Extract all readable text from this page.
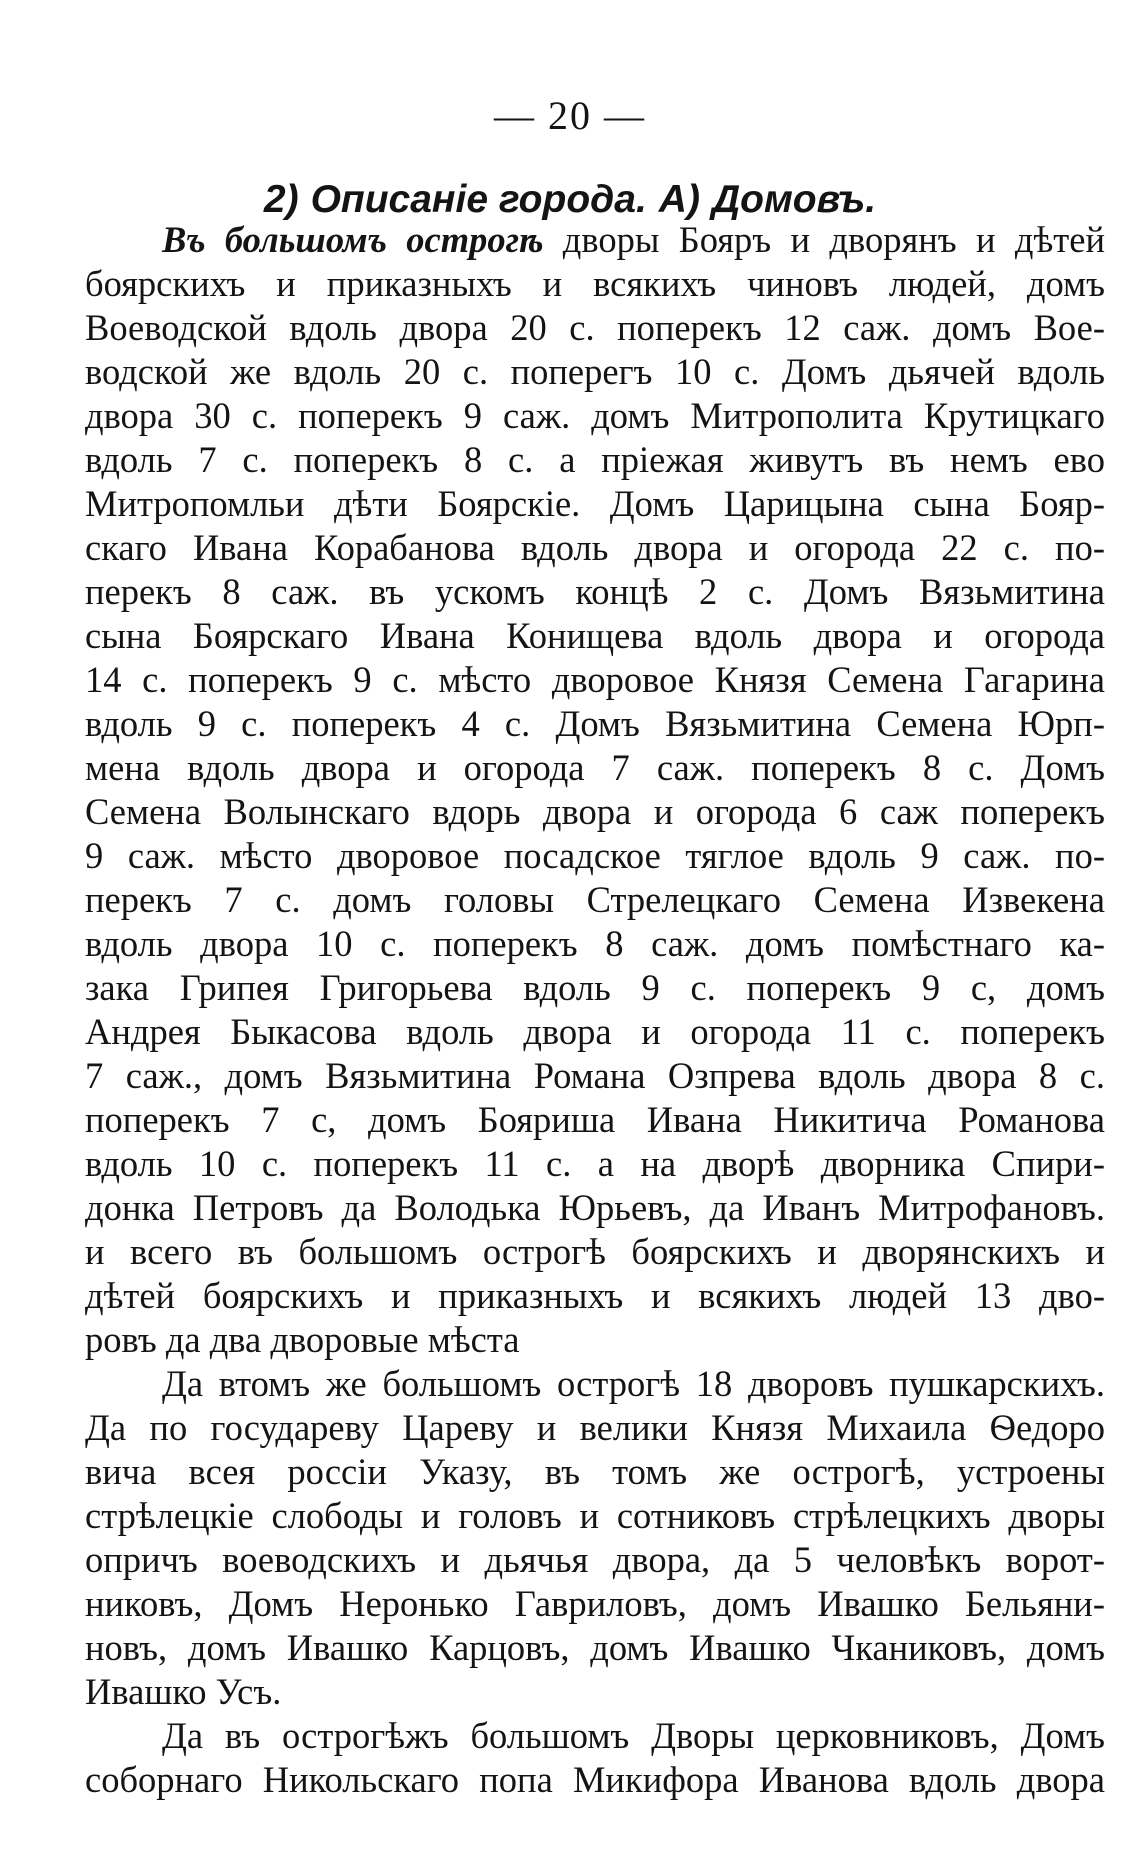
— 20 —
2) Описаніе города. А) Домовъ.
Въ большомъ острогѣ дворы Бояръ и дворянъ и дѣтей
боярскихъ и приказныхъ и всякихъ чиновъ людей, домъ
Воеводской вдоль двора 20 с. поперекъ 12 саж. домъ Вое-
водской же вдоль 20 с. поперегъ 10 с. Домъ дьячей вдоль
двора 30 с. поперекъ 9 саж. домъ Митрополита Крутицкаго
вдоль 7 с. поперекъ 8 с. а пріежая живутъ въ немъ ево
Митропомльи дѣти Боярскіе. Домъ Царицына сына Бояр-
скаго Ивана Корабанова вдоль двора и огорода 22 с. по-
перекъ 8 саж. въ ускомъ концѣ 2 с. Домъ Вязьмитина
сына Боярскаго Ивана Конищева вдоль двора и огорода
14 с. поперекъ 9 с. мѣсто дворовое Князя Семена Гагарина
вдоль 9 с. поперекъ 4 с. Домъ Вязьмитина Семена Юрп-
мена вдоль двора и огорода 7 саж. поперекъ 8 с. Домъ
Семена Волынскаго вдорь двора и огорода 6 саж поперекъ
9 саж. мѣсто дворовое посадское тяглое вдоль 9 саж. по-
перекъ 7 с. домъ головы Стрелецкаго Семена Извекена
вдоль двора 10 с. поперекъ 8 саж. домъ помѣстнаго ка-
зака Грипея Григорьева вдоль 9 с. поперекъ 9 с, домъ
Андрея Быкасова вдоль двора и огорода 11 с. поперекъ
7 саж., домъ Вязьмитина Романа Озпрева вдоль двора 8 с.
поперекъ 7 с, домъ Бояриша Ивана Никитича Романова
вдоль 10 с. поперекъ 11 с. а на дворѣ дворника Спири-
донка Петровъ да Володька Юрьевъ, да Иванъ Митрофановъ.
и всего въ большомъ острогѣ боярскихъ и дворянскихъ и
дѣтей боярскихъ и приказныхъ и всякихъ людей 13 дво-
ровъ да два дворовые мѣста
Да втомъ же большомъ острогѣ 18 дворовъ пушкарскихъ.
Да по государеву Цареву и велики Князя Михаила Ѳедоро
вича всея россіи Указу, въ томъ же острогѣ, устроены
стрѣлецкіе слободы и головъ и сотниковъ стрѣлецкихъ дворы
опричъ воеводскихъ и дьячья двора, да 5 человѣкъ ворот-
никовъ, Домъ Неронько Гавриловъ, домъ Ивашко Бельяни-
новъ, домъ Ивашко Карцовъ, домъ Ивашко Чканиковъ, домъ
Ивашко Усъ.
Да въ острогѣжъ большомъ Дворы церковниковъ, Домъ
соборнаго Никольскаго попа Микифора Иванова вдоль двора
